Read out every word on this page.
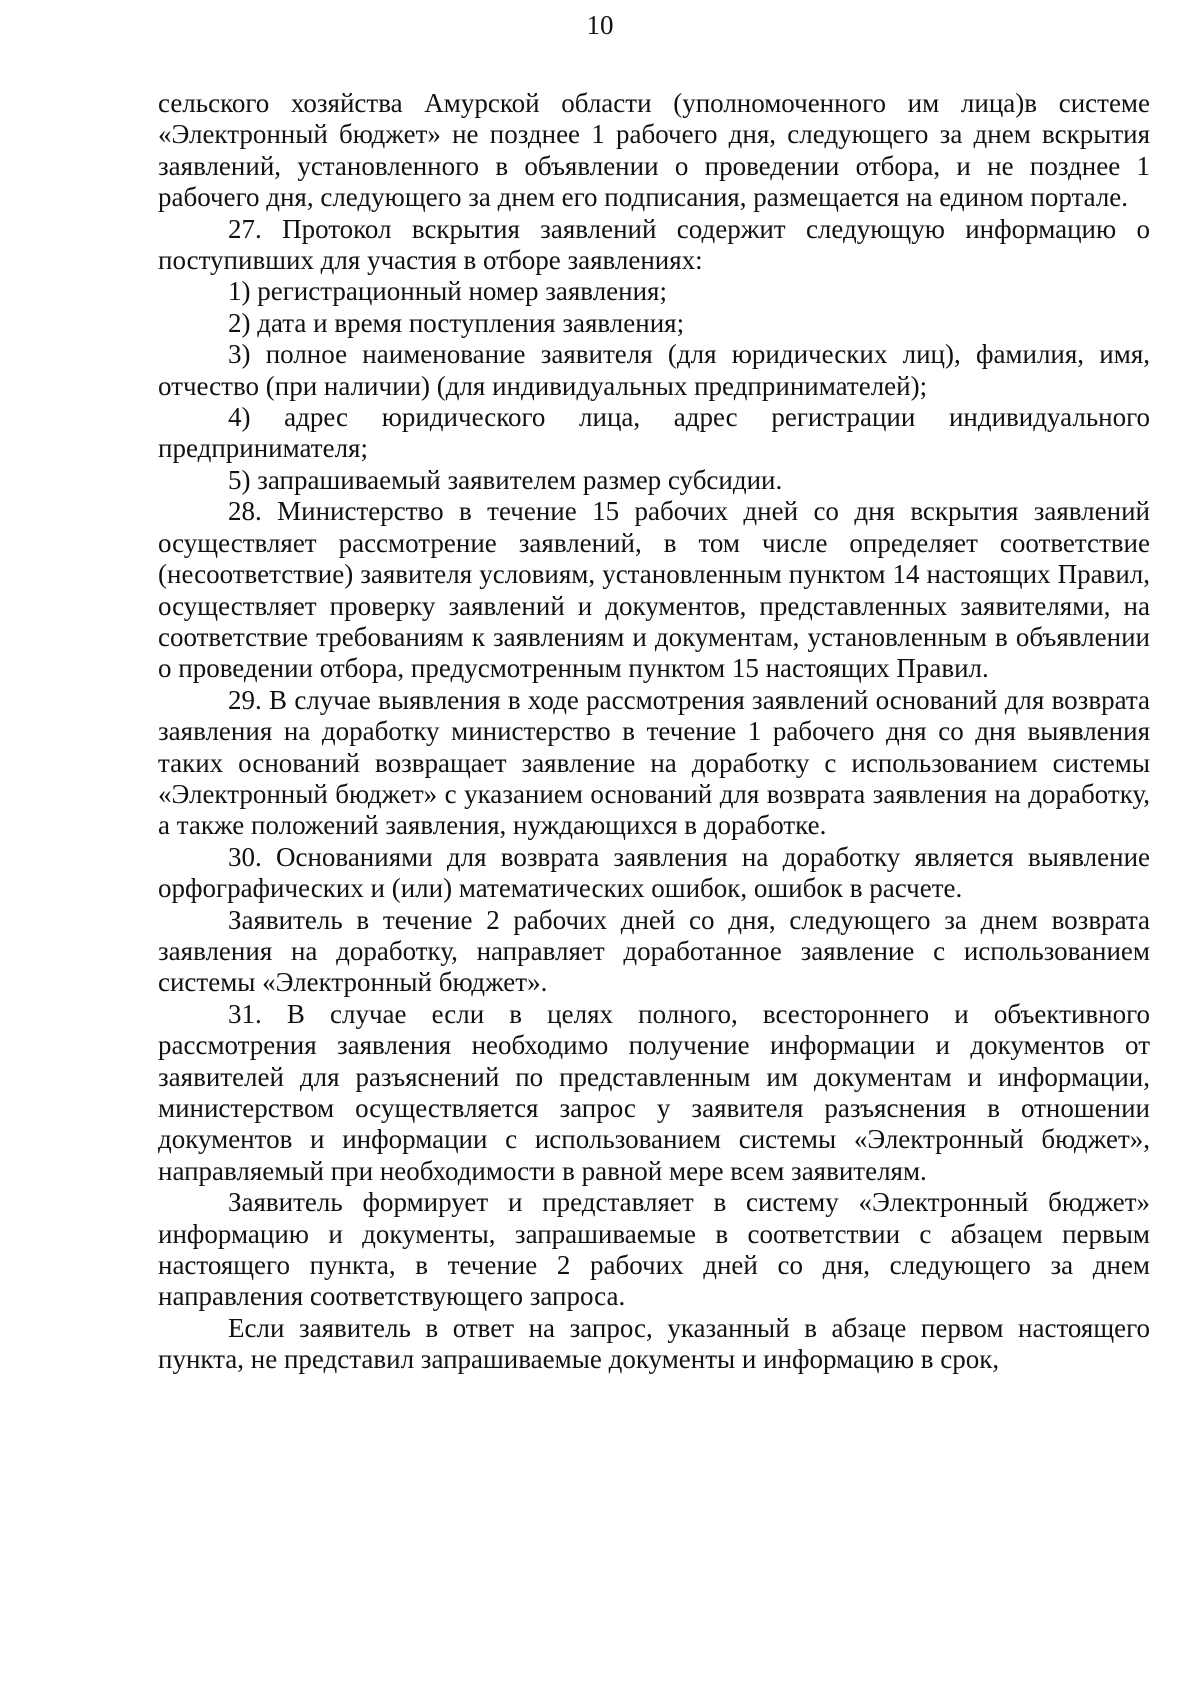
10

сельского хозяйства Амурской области (уполномоченного им лица)в системе «Электронный бюджет» не позднее 1 рабочего дня, следующего за днем вскрытия заявлений, установленного в объявлении о проведении отбора, и не позднее 1 рабочего дня, следующего за днем его подписания, размещается на едином портале.

27. Протокол вскрытия заявлений содержит следующую информацию о поступивших для участия в отборе заявлениях:

1) регистрационный номер заявления;

2) дата и время поступления заявления;

3) полное наименование заявителя (для юридических лиц), фамилия, имя, отчество (при наличии) (для индивидуальных предпринимателей);

4) адрес юридического лица, адрес регистрации индивидуального предпринимателя;

5) запрашиваемый заявителем размер субсидии.

28. Министерство в течение 15 рабочих дней со дня вскрытия заявлений осуществляет рассмотрение заявлений, в том числе определяет соответствие (несоответствие) заявителя условиям, установленным пунктом 14 настоящих Правил, осуществляет проверку заявлений и документов, представленных заявителями, на соответствие требованиям к заявлениям и документам, установленным в объявлении о проведении отбора, предусмотренным пунктом 15 настоящих Правил.

29. В случае выявления в ходе рассмотрения заявлений оснований для возврата заявления на доработку министерство в течение 1 рабочего дня со дня выявления таких оснований возвращает заявление на доработку с использованием системы «Электронный бюджет» с указанием оснований для возврата заявления на доработку, а также положений заявления, нуждающихся в доработке.

30. Основаниями для возврата заявления на доработку является выявление орфографических и (или) математических ошибок, ошибок в расчете.

Заявитель в течение 2 рабочих дней со дня, следующего за днем возврата заявления на доработку, направляет доработанное заявление с использованием системы «Электронный бюджет».

31. В случае если в целях полного, всестороннего и объективного рассмотрения заявления необходимо получение информации и документов от заявителей для разъяснений по представленным им документам и информации, министерством осуществляется запрос у заявителя разъяснения в отношении документов и информации с использованием системы «Электронный бюджет», направляемый при необходимости в равной мере всем заявителям.

Заявитель формирует и представляет в систему «Электронный бюджет» информацию и документы, запрашиваемые в соответствии с абзацем первым настоящего пункта, в течение 2 рабочих дней со дня, следующего за днем направления соответствующего запроса.

Если заявитель в ответ на запрос, указанный в абзаце первом настоящего пункта, не представил запрашиваемые документы и информацию в срок,
